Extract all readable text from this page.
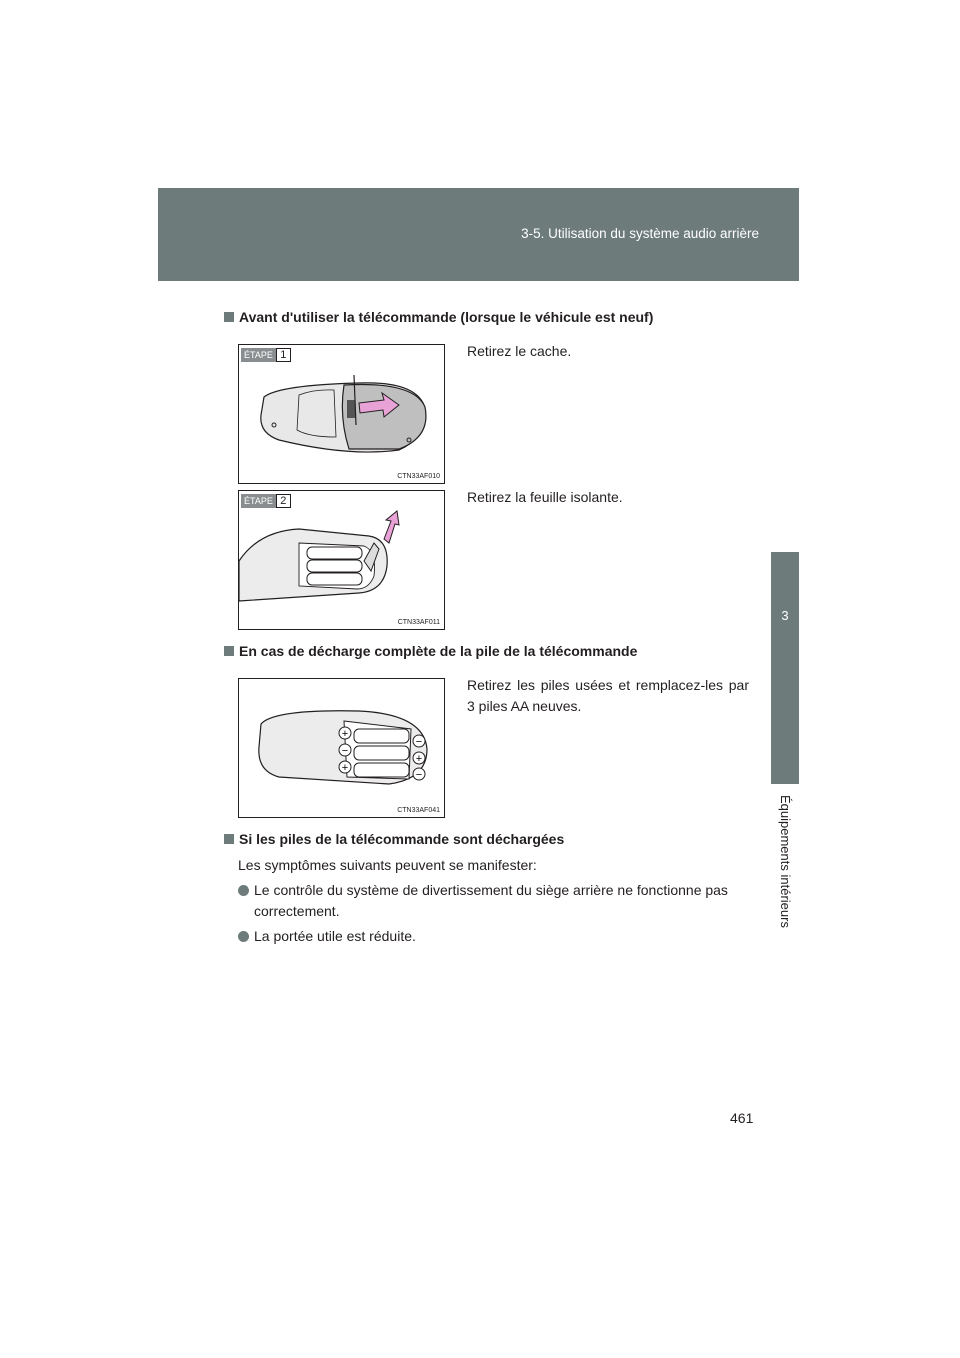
3-5. Utilisation du système audio arrière
3
Équipements intérieurs
Avant d'utiliser la télécommande (lorsque le véhicule est neuf)
ÉTAPE 1
CTN33AF010
Retirez le cache.
ÉTAPE 2
CTN33AF011
Retirez la feuille isolante.
En cas de décharge complète de la pile de la télécommande
+
−
+
−
+
−
CTN33AF041
Retirez les piles usées et remplacez-les par 3 piles AA neuves.
Si les piles de la télécommande sont déchargées
Les symptômes suivants peuvent se manifester:
Le contrôle du système de divertissement du siège arrière ne fonctionne pas correctement.
La portée utile est réduite.
461
